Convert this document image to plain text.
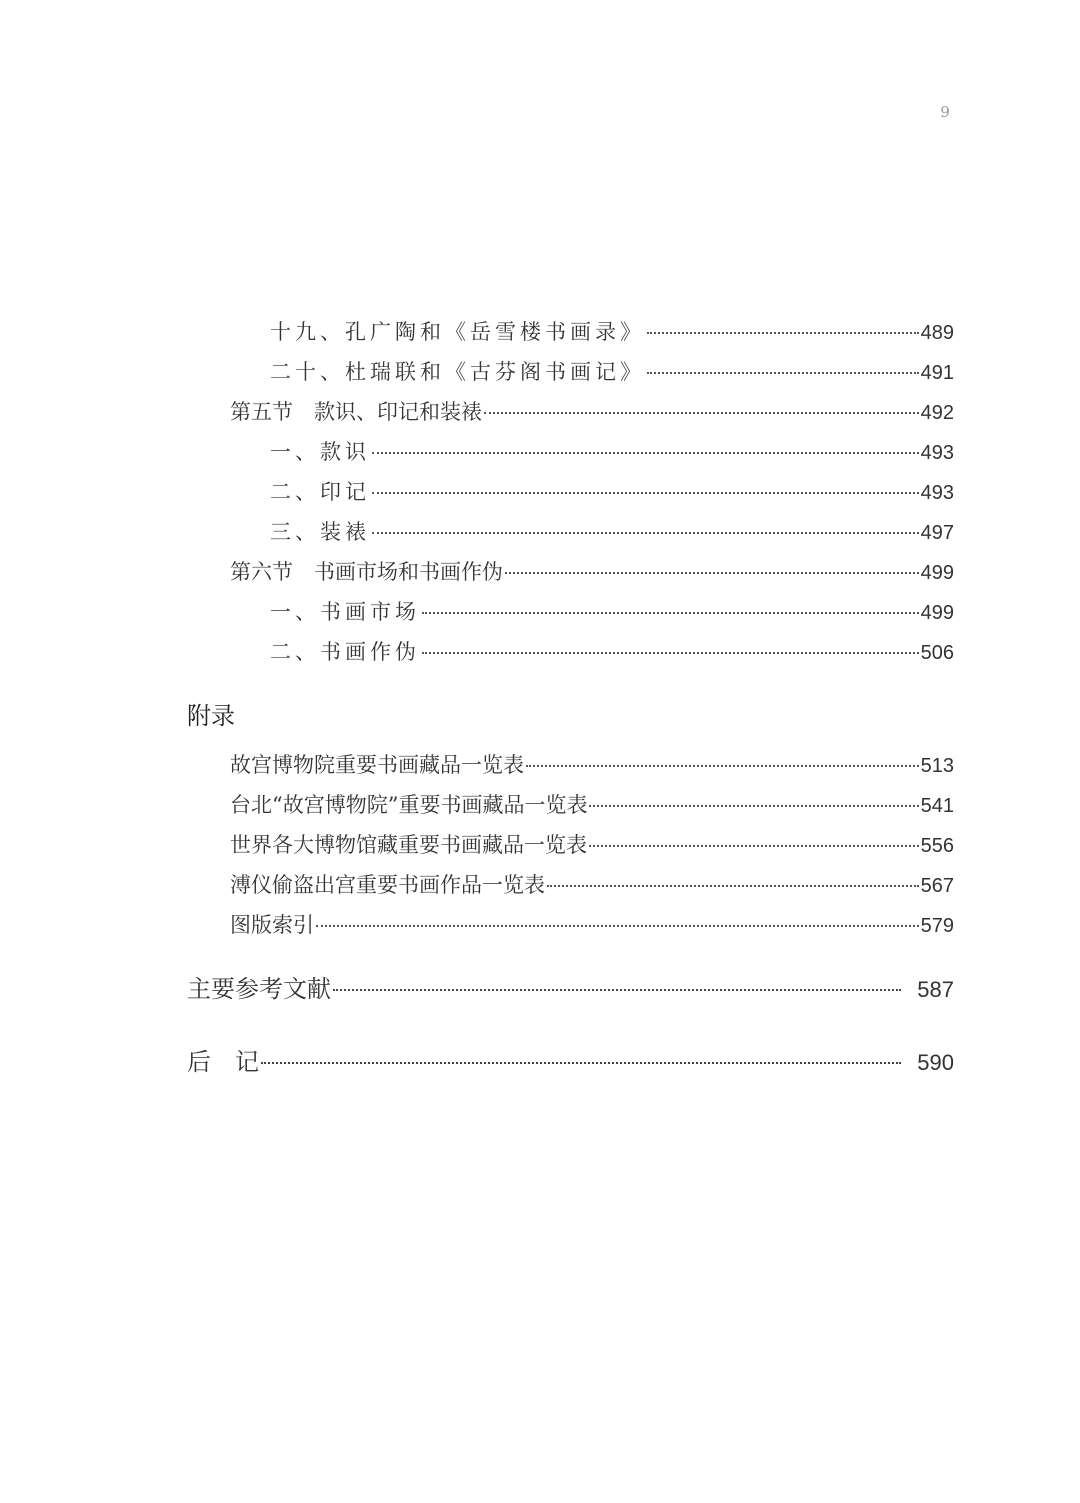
9
十九、孔广陶和《岳雪楼书画录》	489
二十、杜瑞联和《古芬阁书画记》	491
第五节　款识、印记和装裱	492
一、款识	493
二、印记	493
三、装裱	497
第六节　书画市场和书画作伪	499
一、书画市场	499
二、书画作伪	506
附录
故宫博物院重要书画藏品一览表	513
台北“故宫博物院”重要书画藏品一览表	541
世界各大博物馆藏重要书画藏品一览表	556
溥仪偷盗出宫重要书画作品一览表	567
图版索引	579
主要参考文献	587
后　记	590
